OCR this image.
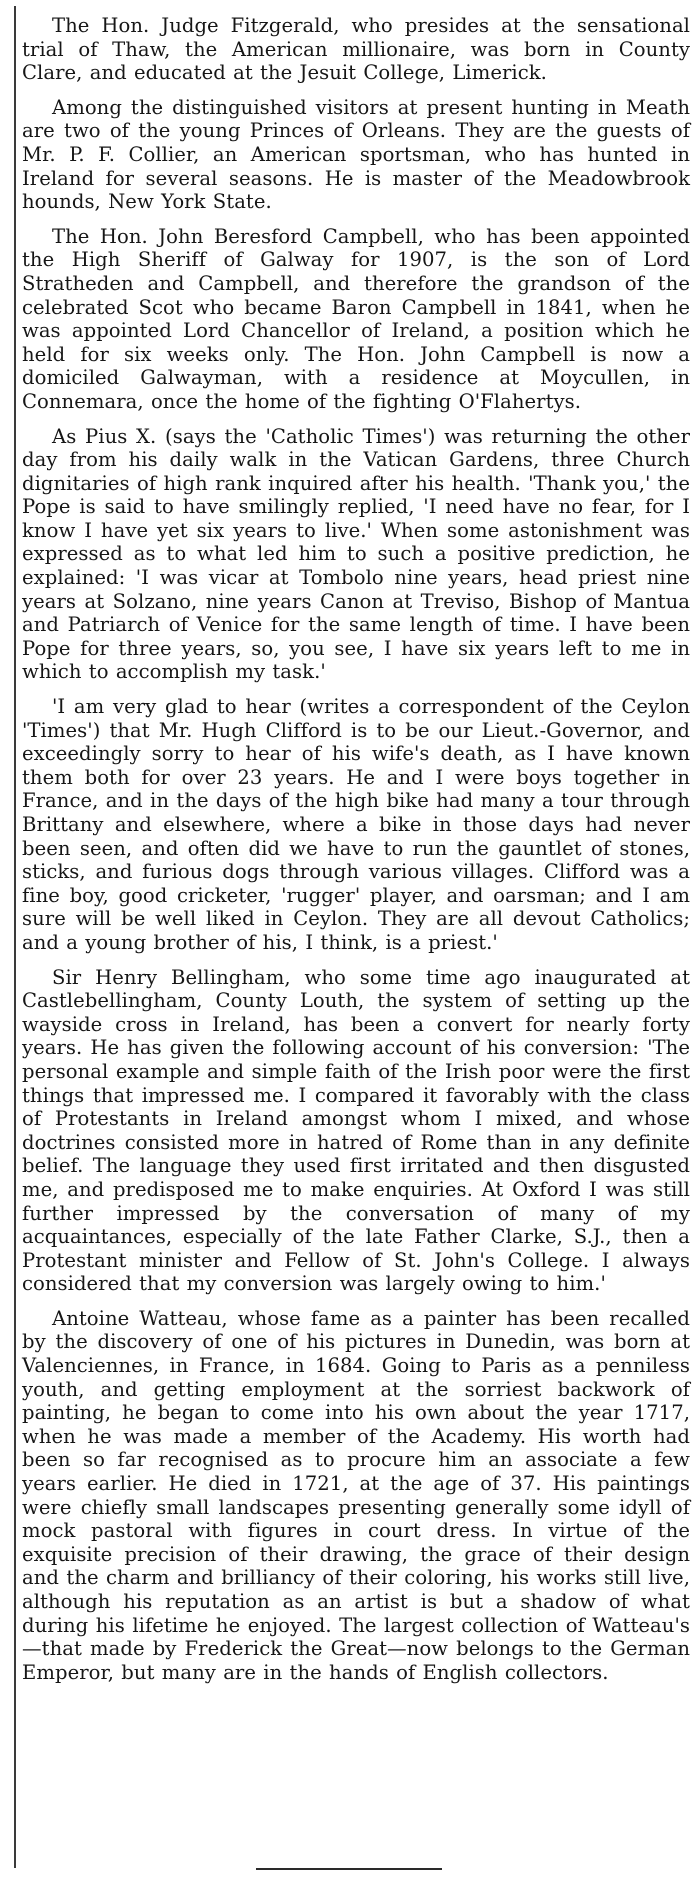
The Hon. Judge Fitzgerald, who presides at the sensational trial of Thaw, the American millionaire, was born in County Clare, and educated at the Jesuit College, Limerick.

Among the distinguished visitors at present hunting in Meath are two of the young Princes of Orleans. They are the guests of Mr. P. F. Collier, an American sportsman, who has hunted in Ireland for several seasons. He is master of the Meadowbrook hounds, New York State.

The Hon. John Beresford Campbell, who has been appointed the High Sheriff of Galway for 1907, is the son of Lord Stratheden and Campbell, and therefore the grandson of the celebrated Scot who became Baron Campbell in 1841, when he was appointed Lord Chancellor of Ireland, a position which he held for six weeks only. The Hon. John Campbell is now a domiciled Galwayman, with a residence at Moycullen, in Connemara, once the home of the fighting O'Flahertys.

As Pius X. (says the 'Catholic Times') was returning the other day from his daily walk in the Vatican Gardens, three Church dignitaries of high rank inquired after his health. 'Thank you,' the Pope is said to have smilingly replied, 'I need have no fear, for I know I have yet six years to live.' When some astonishment was expressed as to what led him to such a positive prediction, he explained: 'I was vicar at Tombolo nine years, head priest nine years at Solzano, nine years Canon at Treviso, Bishop of Mantua and Patriarch of Venice for the same length of time. I have been Pope for three years, so, you see, I have six years left to me in which to accomplish my task.'

'I am very glad to hear (writes a correspondent of the Ceylon 'Times') that Mr. Hugh Clifford is to be our Lieut.-Governor, and exceedingly sorry to hear of his wife's death, as I have known them both for over 23 years. He and I were boys together in France, and in the days of the high bike had many a tour through Brittany and elsewhere, where a bike in those days had never been seen, and often did we have to run the gauntlet of stones, sticks, and furious dogs through various villages. Clifford was a fine boy, good cricketer, 'rugger' player, and oarsman; and I am sure will be well liked in Ceylon. They are all devout Catholics; and a young brother of his, I think, is a priest.'

Sir Henry Bellingham, who some time ago inaugurated at Castlebellingham, County Louth, the system of setting up the wayside cross in Ireland, has been a convert for nearly forty years. He has given the following account of his conversion: 'The personal example and simple faith of the Irish poor were the first things that impressed me. I compared it favorably with the class of Protestants in Ireland amongst whom I mixed, and whose doctrines consisted more in hatred of Rome than in any definite belief. The language they used first irritated and then disgusted me, and predisposed me to make enquiries. At Oxford I was still further impressed by the conversation of many of my acquaintances, especially of the late Father Clarke, S.J., then a Protestant minister and Fellow of St. John's College. I always considered that my conversion was largely owing to him.'

Antoine Watteau, whose fame as a painter has been recalled by the discovery of one of his pictures in Dunedin, was born at Valenciennes, in France, in 1684. Going to Paris as a penniless youth, and getting employment at the sorriest backwork of painting, he began to come into his own about the year 1717, when he was made a member of the Academy. His worth had been so far recognised as to procure him an associate a few years earlier. He died in 1721, at the age of 37. His paintings were chiefly small landscapes presenting generally some idyll of mock pastoral with figures in court dress. In virtue of the exquisite precision of their drawing, the grace of their design and the charm and brilliancy of their coloring, his works still live, although his reputation as an artist is but a shadow of what during his lifetime he enjoyed. The largest collection of Watteau's—that made by Frederick the Great—now belongs to the German Emperor, but many are in the hands of English collectors.
